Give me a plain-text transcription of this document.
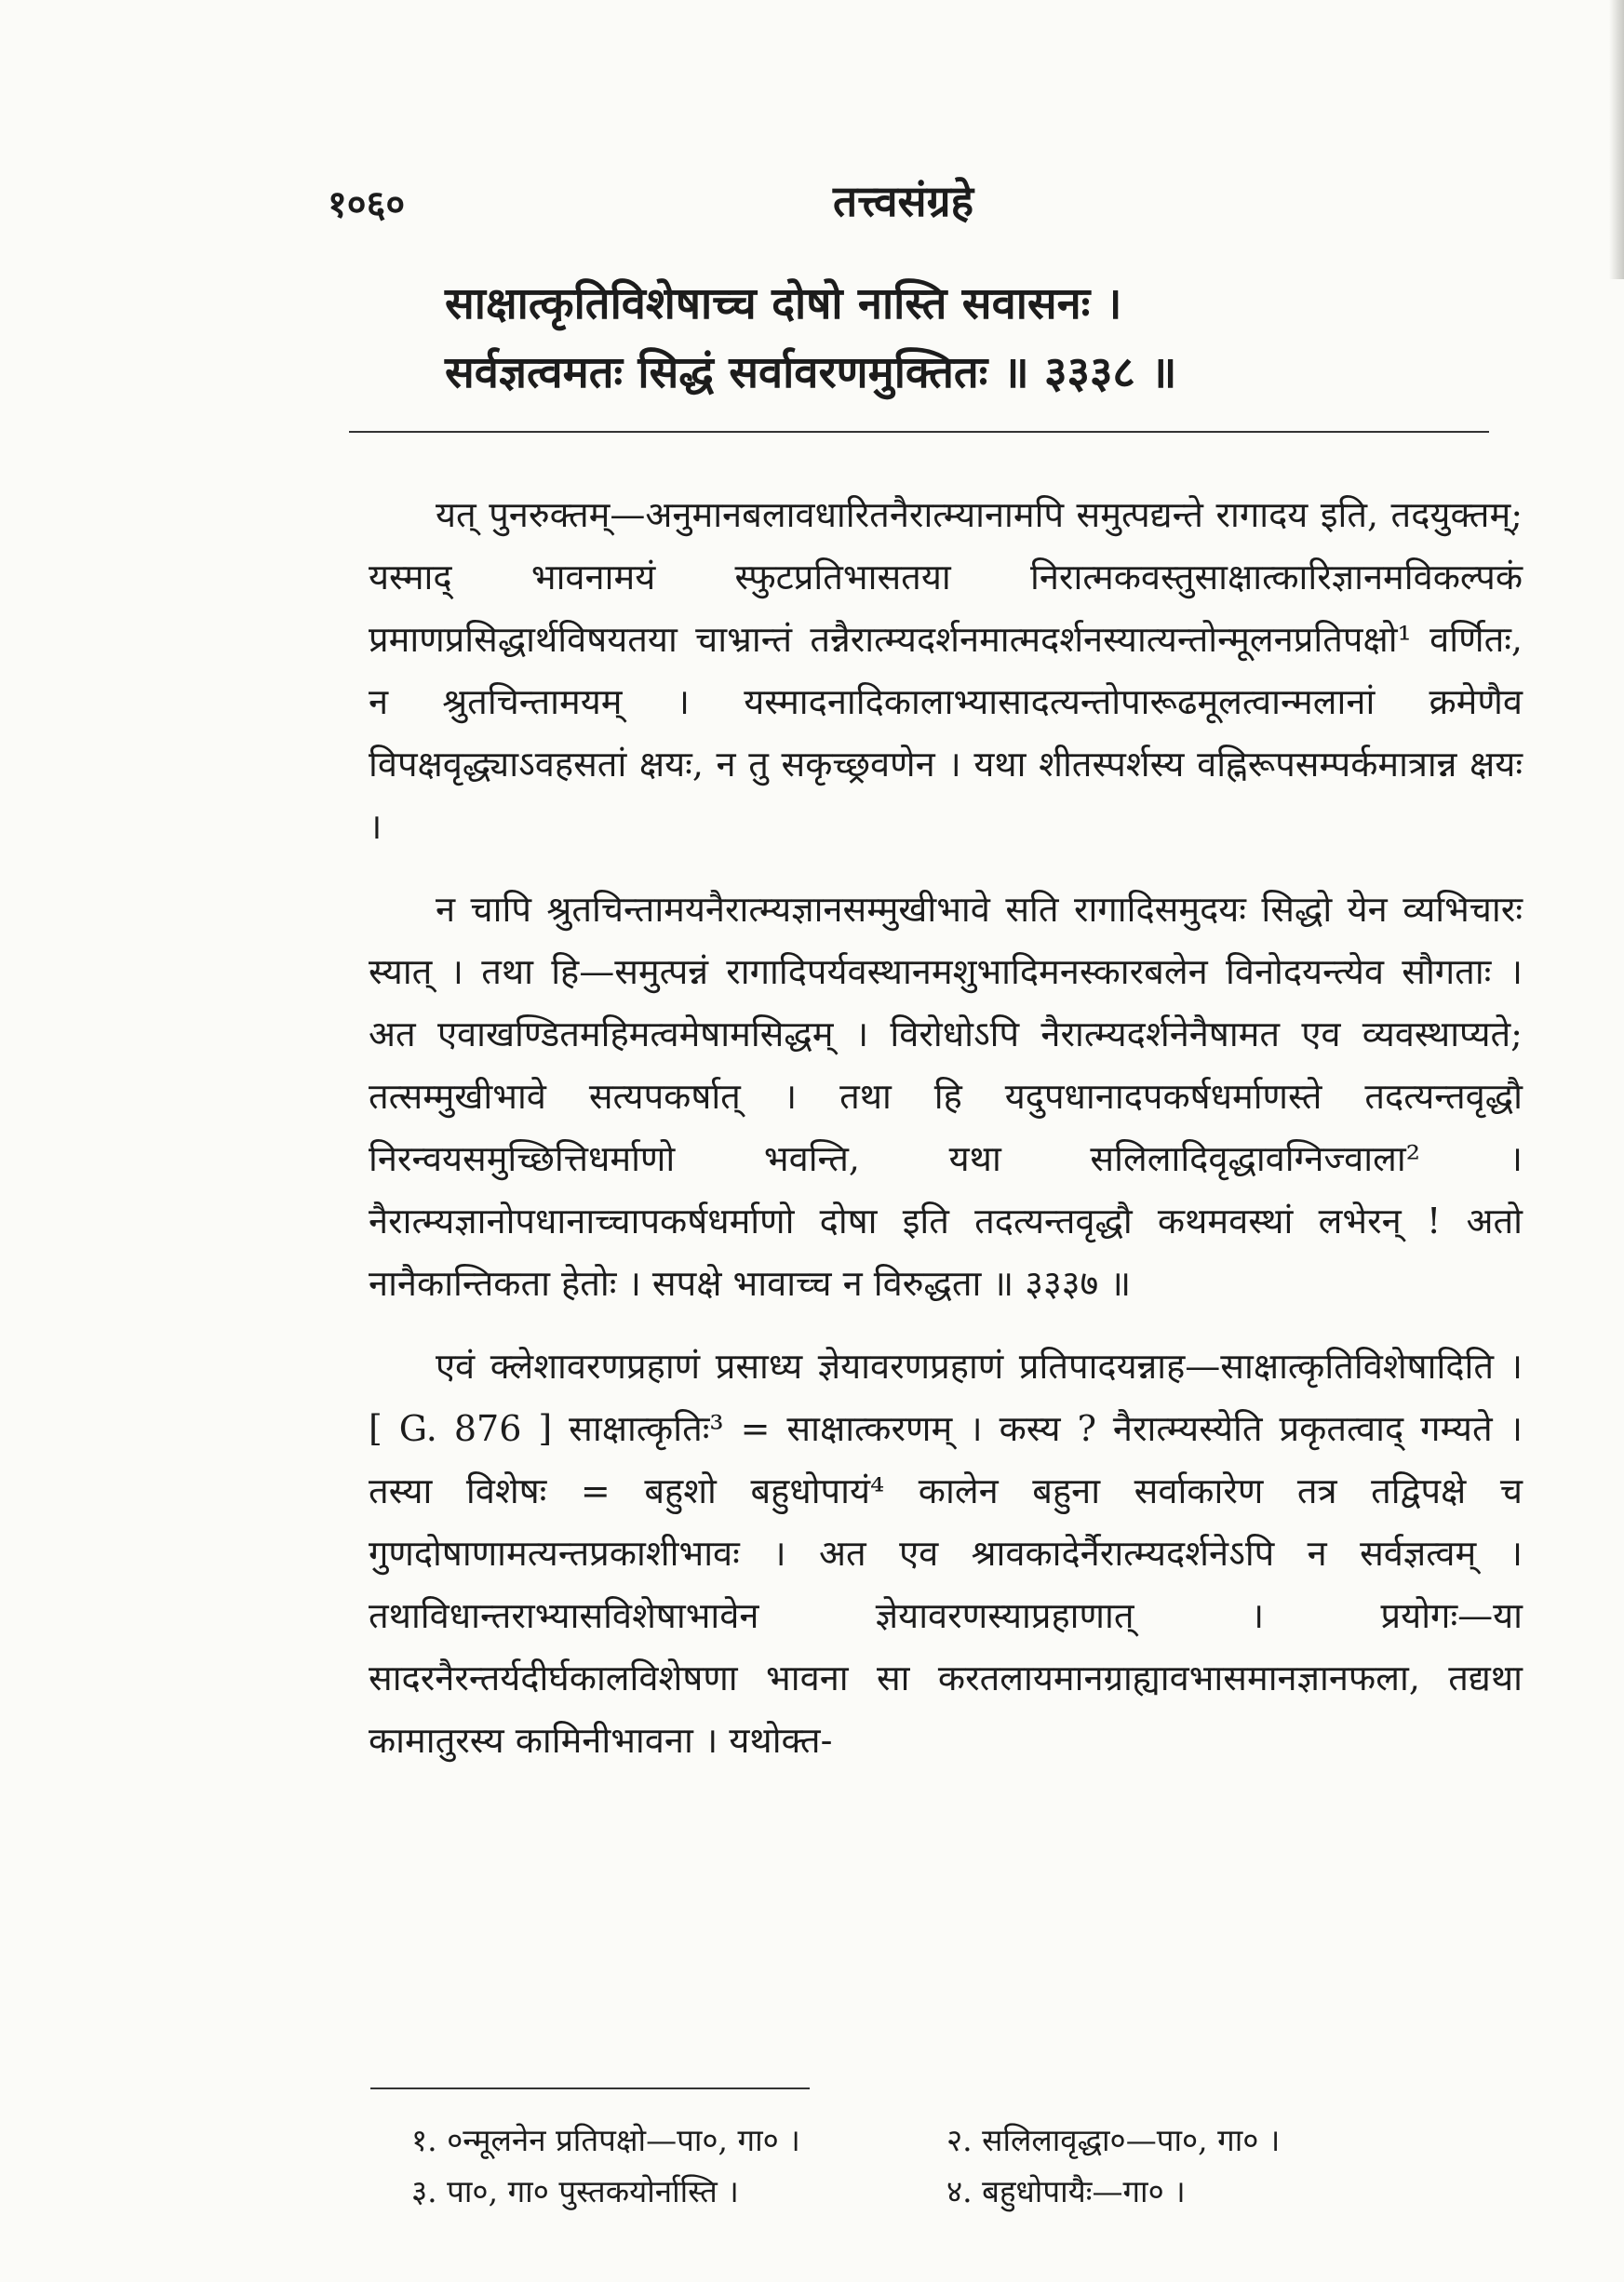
१०६०	तत्त्वसंग्रहे
साक्षात्कृतिविशेषाच्च दोषो नास्ति सवासनः ।
सर्वज्ञत्वमतः सिद्धं सर्वावरणमुक्तितः ॥ ३३३८ ॥

यत् पुनरुक्तम्—अनुमानबलावधारितनैरात्म्यानामपि समुत्पद्यन्ते रागादय इति, तदयुक्तम्; यस्माद् भावनामयं स्फुटप्रतिभासतया निरात्मकवस्तुसाक्षात्कारिज्ञानमविकल्पकं प्रमाणप्रसिद्धार्थविषयतया चाभ्रान्तं तन्नैरात्म्यदर्शनमात्मदर्शनस्यात्यन्तोन्मूलनप्रतिपक्षो¹ वर्णितः, न श्रुतचिन्तामयम् । यस्मादनादिकालाभ्यासादत्यन्तोपारूढमूलत्वान्मलानां क्रमेणैव विपक्षवृद्ध्याऽवहसतां क्षयः, न तु सकृच्छ्रवणेन । यथा शीतस्पर्शस्य वह्निरूपसम्पर्कमात्रान्न क्षयः ।

न चापि श्रुतचिन्तामयनैरात्म्यज्ञानसम्मुखीभावे सति रागादिसमुदयः सिद्धो येन व्यभिचारः स्यात् । तथा हि—समुत्पन्नं रागादिपर्यवस्थानमशुभादिमनस्कारबलेन विनोदयन्त्येव सौगताः । अत एवाखण्डितमहिमत्वमेषामसिद्धम् । विरोधोऽपि नैरात्म्यदर्शनेनैषामत एव व्यवस्थाप्यते; तत्सम्मुखीभावे सत्यपकर्षात् । तथा हि यदुपधानादपकर्षधर्माणस्ते तदत्यन्तवृद्धौ निरन्वयसमुच्छित्तिधर्माणो भवन्ति, यथा सलिलादिवृद्धावग्निज्वाला² । नैरात्म्यज्ञानोपधानाच्चापकर्षधर्माणो दोषा इति तदत्यन्तवृद्धौ कथमवस्थां लभेरन् ! अतो नानैकान्तिकता हेतोः । सपक्षे भावाच्च न विरुद्धता ॥ ३३३७ ॥

एवं क्लेशावरणप्रहाणं प्रसाध्य ज्ञेयावरणप्रहाणं प्रतिपादयन्नाह—साक्षात्कृतिविशेषादिति । [ G. 876 ] साक्षात्कृतिः³ = साक्षात्करणम् । कस्य ? नैरात्म्यस्येति प्रकृतत्वाद् गम्यते । तस्या विशेषः = बहुशो बहुधोपायं⁴ कालेन बहुना सर्वाकारेण तत्र तद्विपक्षे च गुणदोषाणामत्यन्तप्रकाशीभावः । अत एव श्रावकादेर्नैरात्म्यदर्शनेऽपि न सर्वज्ञत्वम् । तथाविधान्तराभ्यासविशेषाभावेन ज्ञेयावरणस्याप्रहाणात् । प्रयोगः—या सादरनैरन्तर्यदीर्घकालविशेषणा भावना सा करतलायमानग्राह्यावभासमानज्ञानफला, तद्यथा कामातुरस्य कामिनीभावना । यथोक्त-

१. ०न्मूलनेन प्रतिपक्षो—पा०, गा० ।	२. सलिलावृद्धा०—पा०, गा० ।
३. पा०, गा० पुस्तकयोर्नास्ति ।	४. बहुधोपायैः—गा० ।
